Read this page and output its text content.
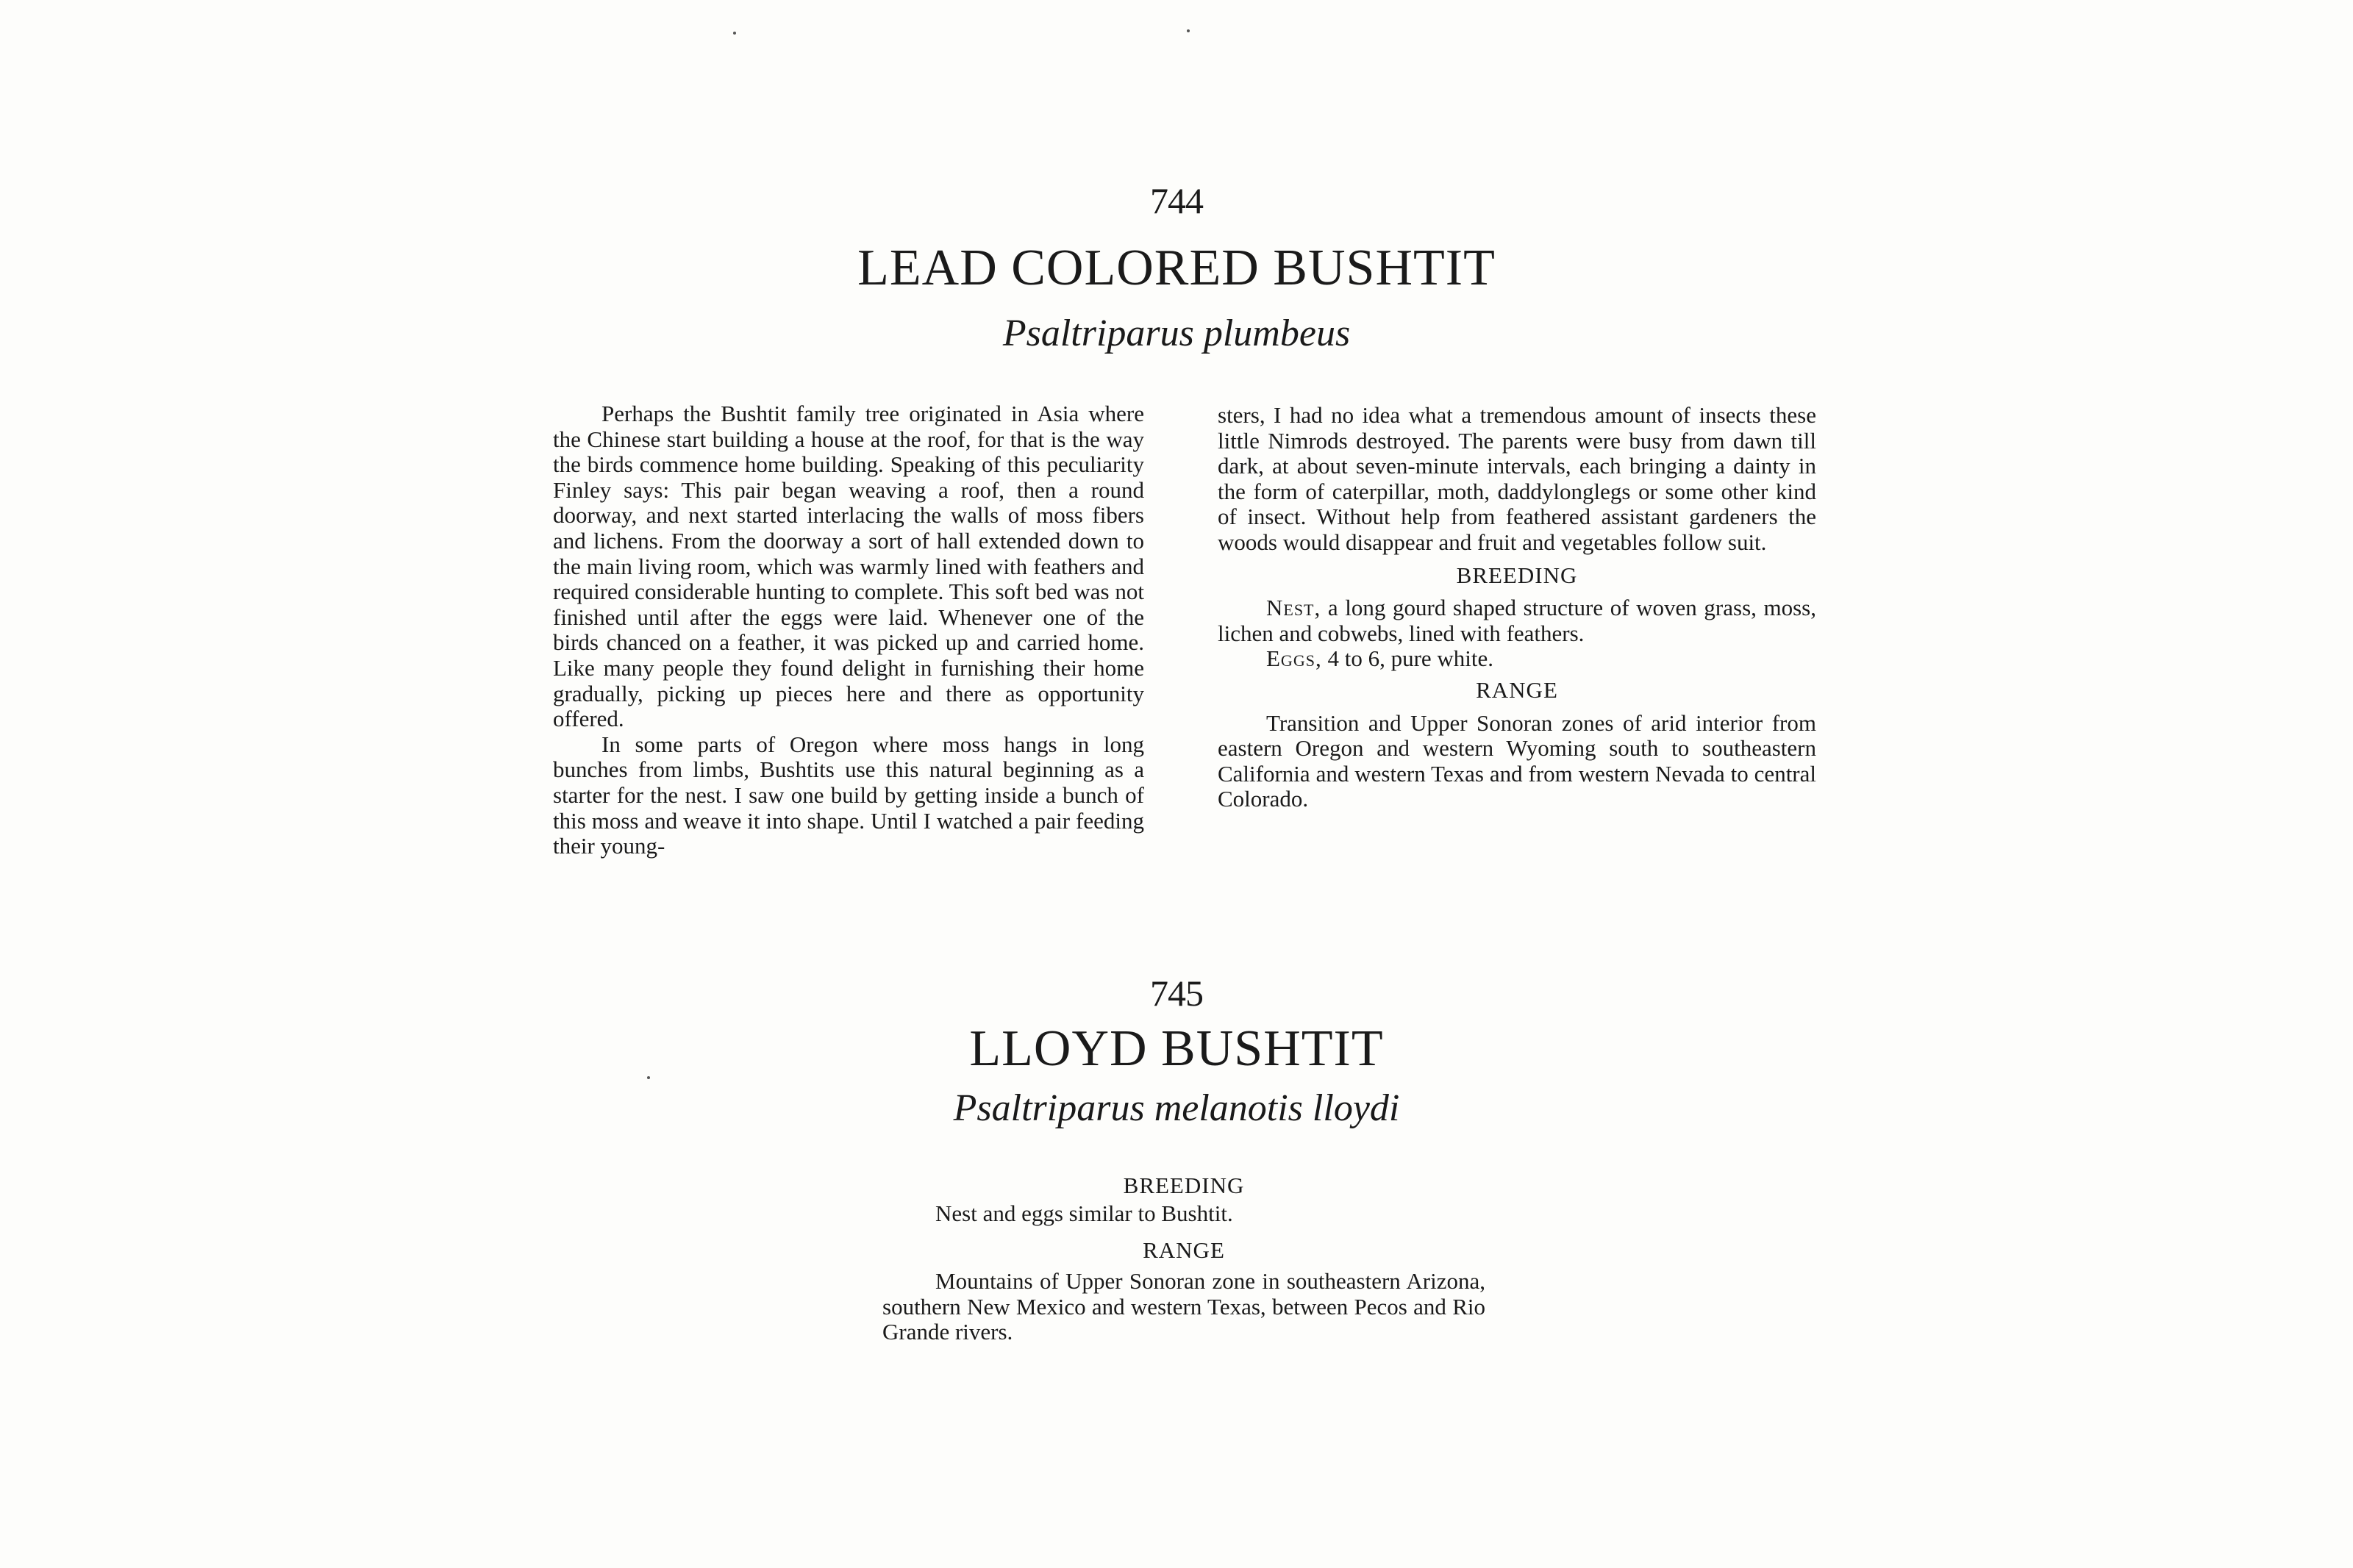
744
LEAD COLORED BUSHTIT
Psaltriparus plumbeus

Perhaps the Bushtit family tree originated in Asia where the Chinese start building a house at the roof, for that is the way the birds commence home building. Speaking of this peculiarity Finley says: This pair began weaving a roof, then a round doorway, and next started interlacing the walls of moss fibers and lichens. From the doorway a sort of hall extended down to the main living room, which was warmly lined with feathers and required considerable hunting to complete. This soft bed was not finished until after the eggs were laid. Whenever one of the birds chanced on a feather, it was picked up and carried home. Like many people they found delight in furnishing their home gradually, picking up pieces here and there as opportunity offered.

In some parts of Oregon where moss hangs in long bunches from limbs, Bushtits use this natural beginning as a starter for the nest. I saw one build by getting inside a bunch of this moss and weave it into shape. Until I watched a pair feeding their young-

sters, I had no idea what a tremendous amount of insects these little Nimrods destroyed. The parents were busy from dawn till dark, at about seven-minute intervals, each bringing a dainty in the form of caterpillar, moth, daddylonglegs or some other kind of insect. Without help from feathered assistant gardeners the woods would disappear and fruit and vegetables follow suit.

BREEDING

Nest, a long gourd shaped structure of woven grass, moss, lichen and cobwebs, lined with feathers.

Eggs, 4 to 6, pure white.

RANGE

Transition and Upper Sonoran zones of arid interior from eastern Oregon and western Wyoming south to southeastern California and western Texas and from western Nevada to central Colorado.

745
LLOYD BUSHTIT
Psaltriparus melanotis lloydi
BREEDING

Nest and eggs similar to Bushtit.

RANGE

Mountains of Upper Sonoran zone in southeastern Arizona, southern New Mexico and western Texas, between Pecos and Rio Grande rivers.
